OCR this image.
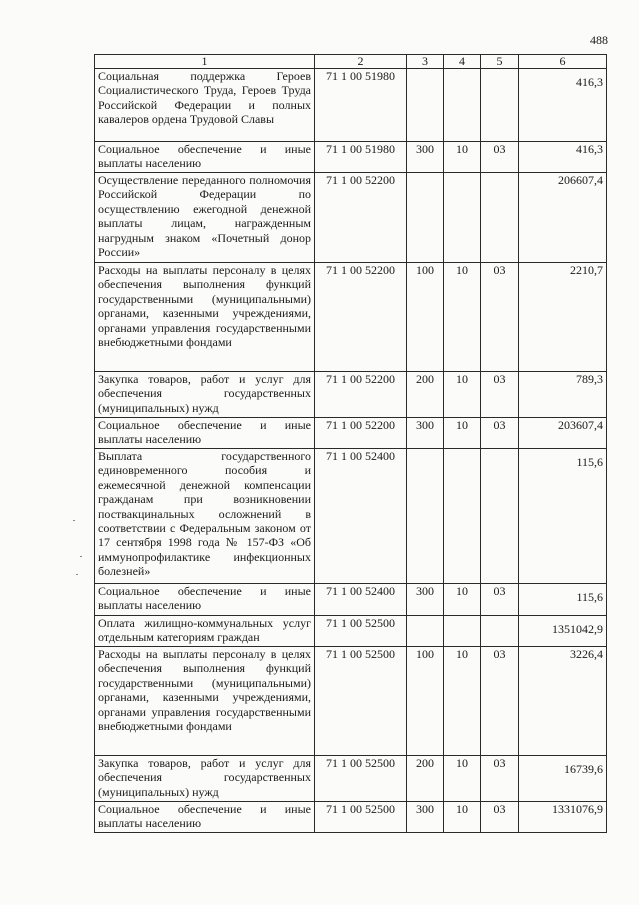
488
1	2	3	4	5	6
Социальная поддержка Героев Социалистического Труда, Героев Труда Российской Федерации и полных кавалеров ордена Трудовой Славы	71 1 00 51980				416,3
Социальное обеспечение и иные выплаты населению	71 1 00 51980	300	10	03	416,3
Осуществление переданного полномочия Российской Федерации по осуществлению ежегодной денежной выплаты лицам, награжденным нагрудным знаком «Почетный донор России»	71 1 00 52200				206607,4
Расходы на выплаты персоналу в целях обеспечения выполнения функций государственными (муниципальными) органами, казенными учреждениями, органами управления государственными внебюджетными фондами	71 1 00 52200	100	10	03	2210,7
Закупка товаров, работ и услуг для обеспечения государственных (муниципальных) нужд	71 1 00 52200	200	10	03	789,3
Социальное обеспечение и иные выплаты населению	71 1 00 52200	300	10	03	203607,4
Выплата государственного единовременного пособия и ежемесячной денежной компенсации гражданам при возникновении поствакцинальных осложнений в соответствии с Федеральным законом от 17 сентября 1998 года № 157-ФЗ «Об иммунопрофилактике инфекционных болезней»	71 1 00 52400				115,6
Социальное обеспечение и иные выплаты населению	71 1 00 52400	300	10	03	115,6
Оплата жилищно-коммунальных услуг отдельным категориям граждан	71 1 00 52500				1351042,9
Расходы на выплаты персоналу в целях обеспечения выполнения функций государственными (муниципальными) органами, казенными учреждениями, органами управления государственными внебюджетными фондами	71 1 00 52500	100	10	03	3226,4
Закупка товаров, работ и услуг для обеспечения государственных (муниципальных) нужд	71 1 00 52500	200	10	03	16739,6
Социальное обеспечение и иные выплаты населению	71 1 00 52500	300	10	03	1331076,9
